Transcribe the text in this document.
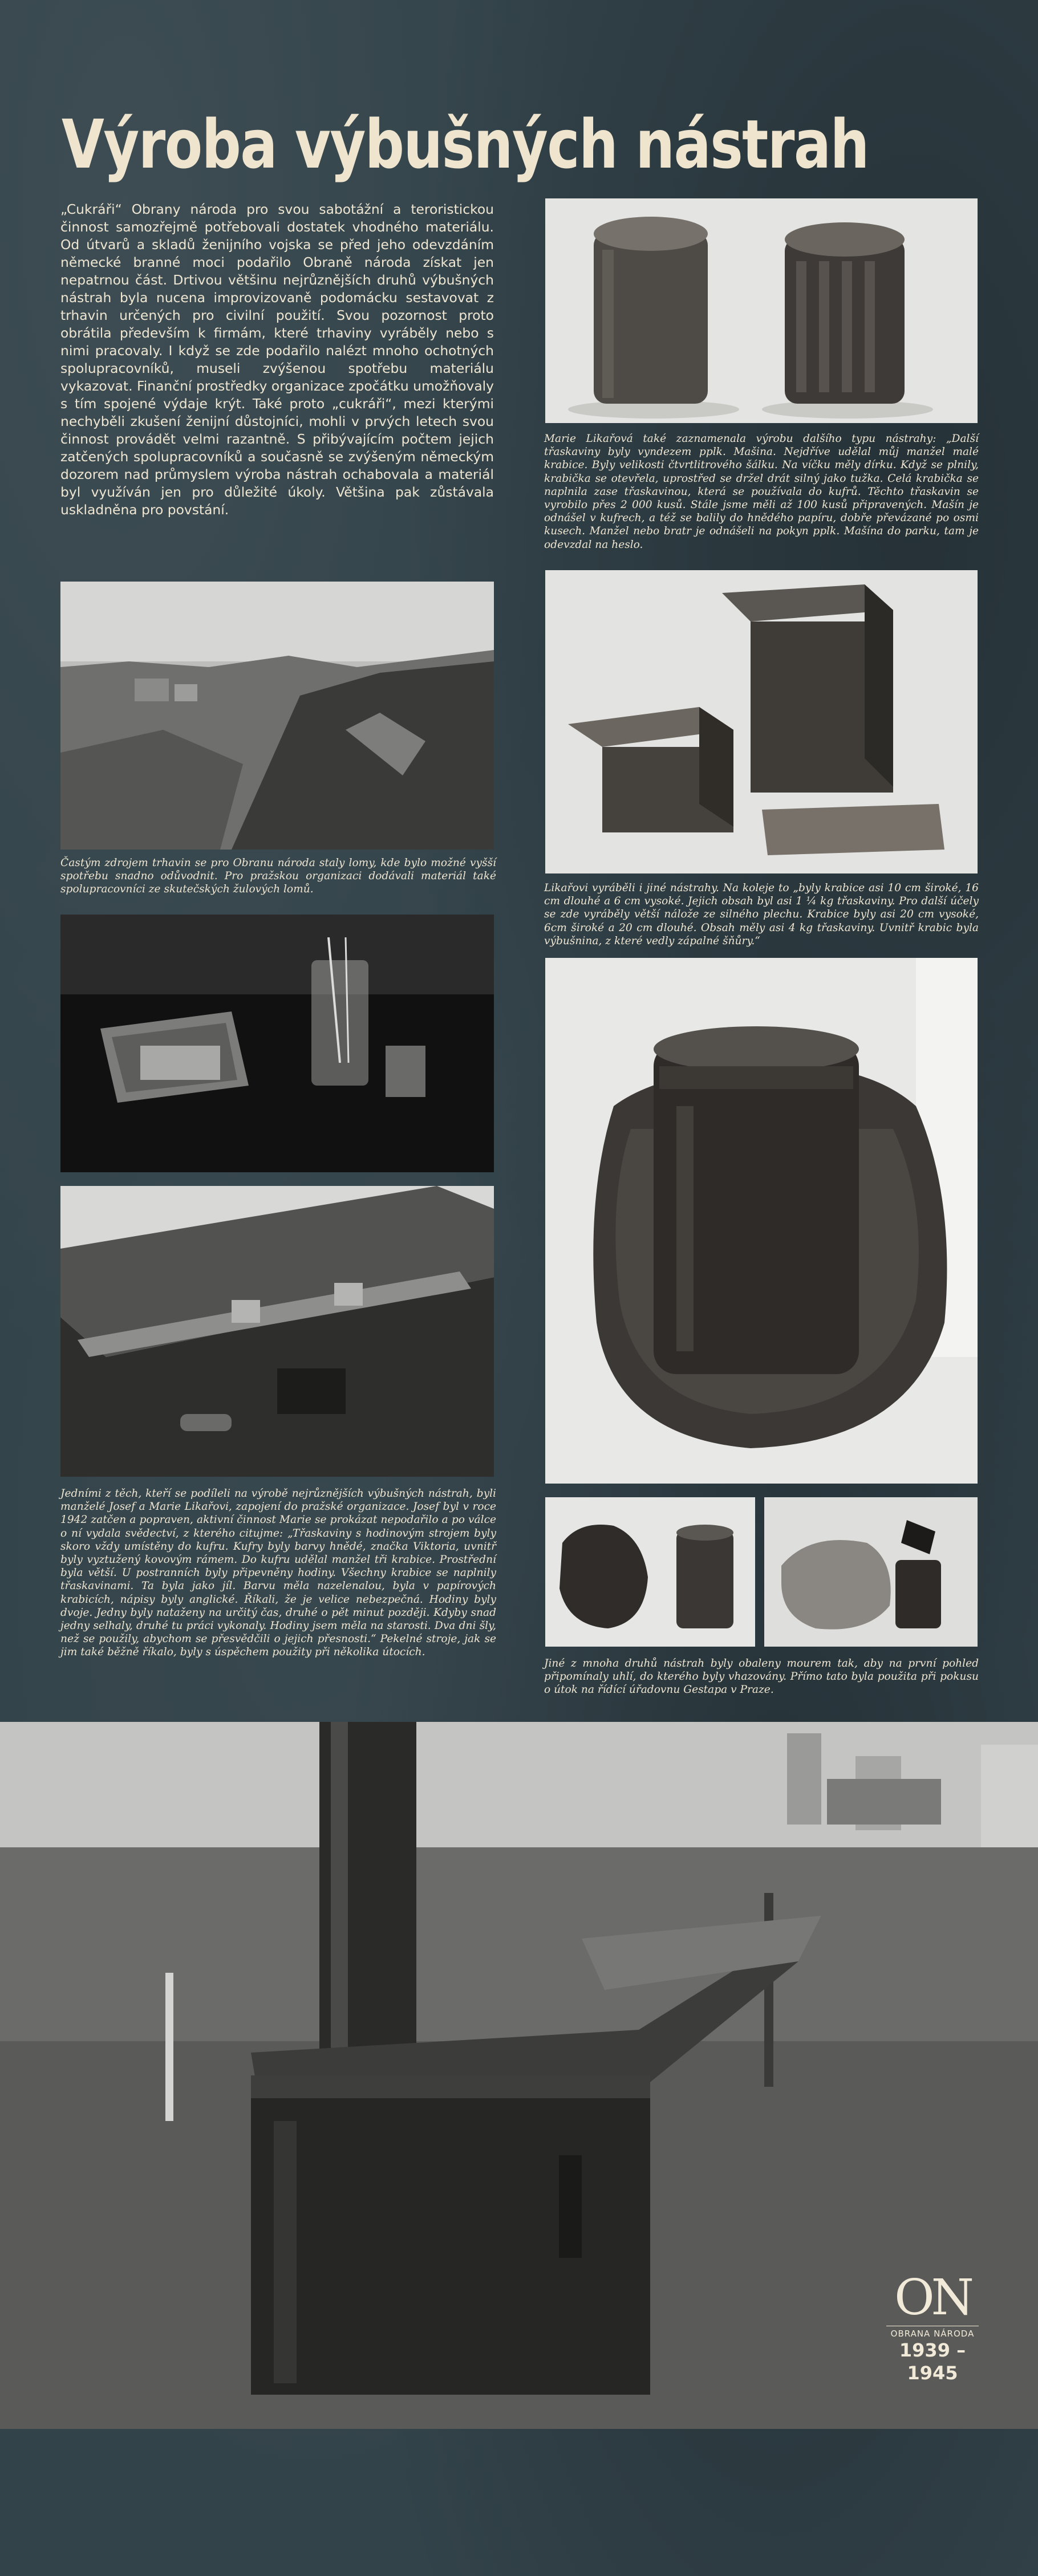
Výroba výbušných nástrah

„Cukráři“ Obrany národa pro svou sabotážní a teroristickou činnost samozřejmě potřebovali dostatek vhodného materiálu. Od útvarů a skladů ženijního vojska se před jeho odevzdáním německé branné moci podařilo Obraně národa získat jen nepatrnou část. Drtivou většinu nejrůznějších druhů výbušných nástrah byla nucena improvizovaně podomácku sestavovat z trhavin určených pro civilní použití. Svou pozornost proto obrátila především k firmám, které trhaviny vyráběly nebo s nimi pracovaly. I když se zde podařilo nalézt mnoho ochotných spolupracovníků, museli zvýšenou spotřebu materiálu vykazovat. Finanční prostředky organizace zpočátku umožňovaly s tím spojené výdaje krýt. Také proto „cukráři“, mezi kterými nechyběli zkušení ženijní důstojníci, mohli v prvých letech svou činnost provádět velmi razantně. S přibývajícím počtem jejich zatčených spolupracovníků a současně se zvýšeným německým dozorem nad průmyslem výroba nástrah ochabovala a materiál byl využíván jen pro důležité úkoly. Většina pak zůstávala uskladněna pro povstání.

Marie Likařová také zaznamenala výrobu dalšího typu nástrahy: „Další třaskaviny byly vyndezem pplk. Mašina. Nejdříve udělal můj manžel malé krabice. Byly velikosti čtvrtlitrového šálku. Na víčku měly dírku. Když se plnily, krabička se otevřela, uprostřed se držel drát silný jako tužka. Celá krabička se naplnila zase třaskavinou, která se používala do kufrů. Těchto třaskavin se vyrobilo přes 2 000 kusů. Stále jsme měli až 100 kusů připravených. Mašín je odnášel v kufrech, a též se balily do hnědého papíru, dobře převázané po osmi kusech. Manžel nebo bratr je odnášeli na pokyn pplk. Mašína do parku, tam je odevzdal na heslo.

Častým zdrojem trhavin se pro Obranu národa staly lomy, kde bylo možné vyšší spotřebu snadno odůvodnit. Pro pražskou organizaci dodávali materiál také spolupracovníci ze skutečských žulových lomů.	Likařovi vyráběli i jiné nástrahy. Na koleje to „byly krabice asi 10 cm široké, 16 cm dlouhé a 6 cm vysoké. Jejich obsah byl asi 1 ¼ kg třaskaviny. Pro další účely se zde vyráběly větší nálože ze silného plechu. Krabice byly asi 20 cm vysoké, 6cm široké a 20 cm dlouhé. Obsah měly asi 4 kg třaskaviny. Uvnitř krabic byla výbušnina, z které vedly zápalné šňůry.“

Jedními z těch, kteří se podíleli na výrobě nejrůznějších výbušných nástrah, byli manželé Josef a Marie Likařovi, zapojení do pražské organizace. Josef byl v roce 1942 zatčen a popraven, aktivní činnost Marie se prokázat nepodařilo a po válce o ní vydala svědectví, z kterého citujme: „Třaskaviny s hodinovým strojem byly skoro vždy umístěny do kufru. Kufry byly barvy hnědé, značka Viktoria, uvnitř byly vyztužený kovovým rámem. Do kufru udělal manžel tři krabice. Prostřední byla větší. U postranních byly připevněny hodiny. Všechny krabice se naplnily třaskavinami. Ta byla jako jíl. Barvu měla nazelenalou, byla v papírových krabicích, nápisy byly anglické. Říkali, že je velice nebezpečná. Hodiny byly dvoje. Jedny byly nataženy na určitý čas, druhé o pět minut později. Kdyby snad jedny selhaly, druhé tu práci vykonaly. Hodiny jsem měla na starosti. Dva dni šly, než se použily, abychom se přesvědčili o jejich přesnosti.“ Pekelné stroje, jak se jim také běžně říkalo, byly s úspěchem použity při několika útocích.

Jiné z mnoha druhů nástrah byly obaleny mourem tak, aby na první pohled připomínaly uhlí, do kterého byly vhazovány. Přímo tato byla použita při pokusu o útok na řídící úřadovnu Gestapa v Praze.

ON
OBRANA NÁRODA
1939 – 1945
